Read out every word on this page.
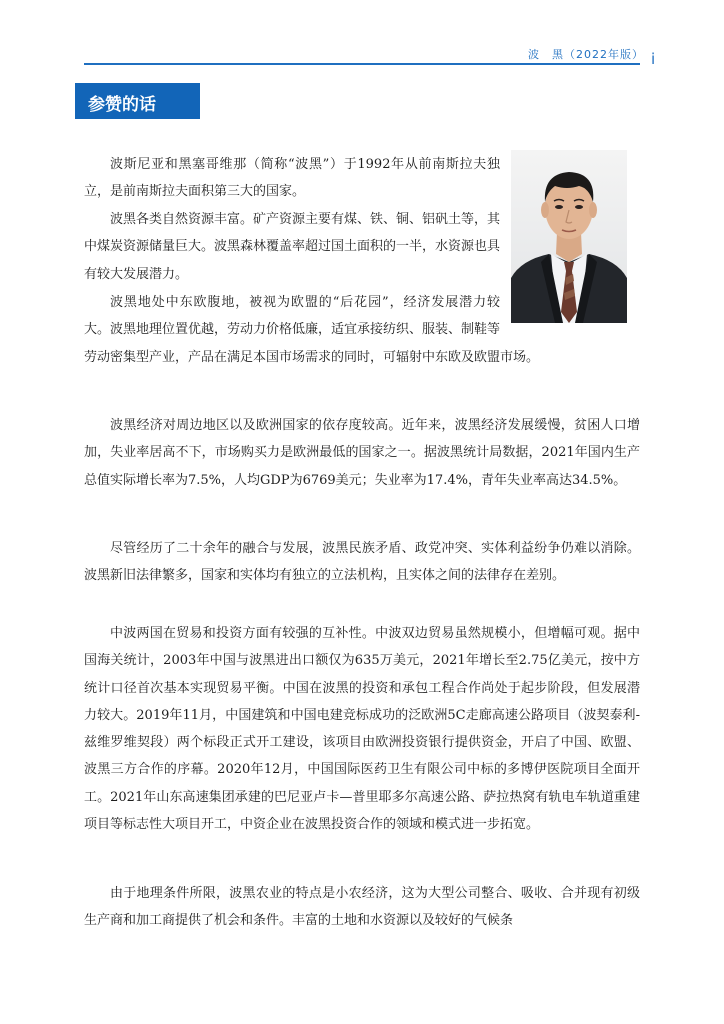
波　黑（2022年版） i
参赞的话

波斯尼亚和黑塞哥维那（简称“波黑”）于1992年从前南斯拉夫独立，是前南斯拉夫面积第三大的国家。

波黑各类自然资源丰富。矿产资源主要有煤、铁、铜、铝矾土等，其中煤炭资源储量巨大。波黑森林覆盖率超过国土面积的一半，水资源也具有较大发展潜力。

波黑地处中东欧腹地，被视为欧盟的“后花园”，经济发展潜力较大。波黑地理位置优越，劳动力价格低廉，适宜承接纺织、服装、制鞋等劳动密集型产业，产品在满足本国市场需求的同时，可辐射中东欧及欧盟市场。

波黑经济对周边地区以及欧洲国家的依存度较高。近年来，波黑经济发展缓慢，贫困人口增加，失业率居高不下，市场购买力是欧洲最低的国家之一。据波黑统计局数据，2021年国内生产总值实际增长率为7.5%，人均GDP为6769美元；失业率为17.4%，青年失业率高达34.5%。

尽管经历了二十余年的融合与发展，波黑民族矛盾、政党冲突、实体利益纷争仍难以消除。波黑新旧法律繁多，国家和实体均有独立的立法机构，且实体之间的法律存在差别。

中波两国在贸易和投资方面有较强的互补性。中波双边贸易虽然规模小，但增幅可观。据中国海关统计，2003年中国与波黑进出口额仅为635万美元，2021年增长至2.75亿美元，按中方统计口径首次基本实现贸易平衡。中国在波黑的投资和承包工程合作尚处于起步阶段，但发展潜力较大。2019年11月，中国建筑和中国电建竞标成功的泛欧洲5C走廊高速公路项目（波契泰利-兹维罗维契段）两个标段正式开工建设，该项目由欧洲投资银行提供资金，开启了中国、欧盟、波黑三方合作的序幕。2020年12月，中国国际医药卫生有限公司中标的多博伊医院项目全面开工。2021年山东高速集团承建的巴尼亚卢卡—普里耶多尔高速公路、萨拉热窝有轨电车轨道重建项目等标志性大项目开工，中资企业在波黑投资合作的领域和模式进一步拓宽。

由于地理条件所限，波黑农业的特点是小农经济，这为大型公司整合、吸收、合并现有初级生产商和加工商提供了机会和条件。丰富的土地和水资源以及较好的气候条
